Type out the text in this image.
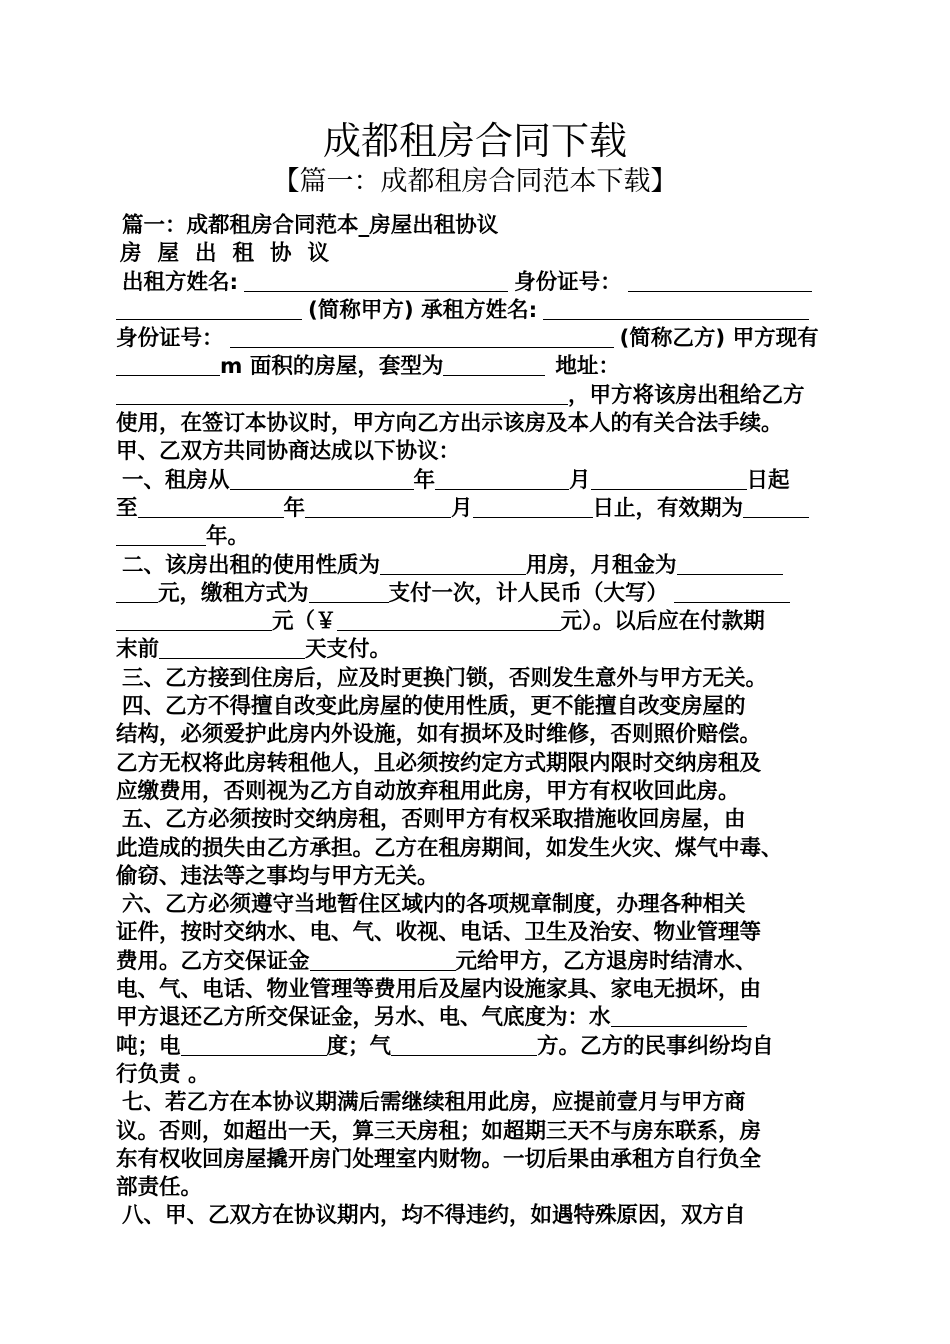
成都租房合同下载
【篇一：成都租房合同范本下载】
篇一：成都租房合同范本_房屋出租协议
房屋出租协议
出租方姓名:	身份证号：
(简称甲方) 承租方姓名:
身份证号：	(简称乙方) 甲方现有
m 面积的房屋，套型为	地址：
，甲方将该房出租给乙方
使用，在签订本协议时，甲方向乙方出示该房及本人的有关合法手续。
甲、乙双方共同协商达成以下协议：
一、租房从	年	月	日起
至	年	月	日止，有效期为
年。
二、该房出租的使用性质为	用房，月租金为
元，缴租方式为	支付一次，计人民币（大写）
元（￥	元）。以后应在付款期
末前	天支付。
三、乙方接到住房后，应及时更换门锁，否则发生意外与甲方无关。
四、乙方不得擅自改变此房屋的使用性质，更不能擅自改变房屋的
结构，必须爱护此房内外设施，如有损坏及时维修，否则照价赔偿。
乙方无权将此房转租他人，且必须按约定方式期限内限时交纳房租及
应缴费用，否则视为乙方自动放弃租用此房，甲方有权收回此房。
五、乙方必须按时交纳房租，否则甲方有权采取措施收回房屋，由
此造成的损失由乙方承担。乙方在租房期间，如发生火灾、煤气中毒、
偷窃、违法等之事均与甲方无关。
六、乙方必须遵守当地暂住区域内的各项规章制度，办理各种相关
证件，按时交纳水、电、气、收视、电话、卫生及治安、物业管理等
费用。乙方交保证金	元给甲方，乙方退房时结清水、
电、气、电话、物业管理等费用后及屋内设施家具、家电无损坏，由
甲方退还乙方所交保证金，另水、电、气底度为：水
吨；电	度；气	方。乙方的民事纠纷均自
行负责 。
七、若乙方在本协议期满后需继续租用此房，应提前壹月与甲方商
议。否则，如超出一天，算三天房租；如超期三天不与房东联系，房
东有权收回房屋撬开房门处理室内财物。一切后果由承租方自行负全
部责任。
八、甲、乙双方在协议期内，均不得违约，如遇特殊原因，双方自
